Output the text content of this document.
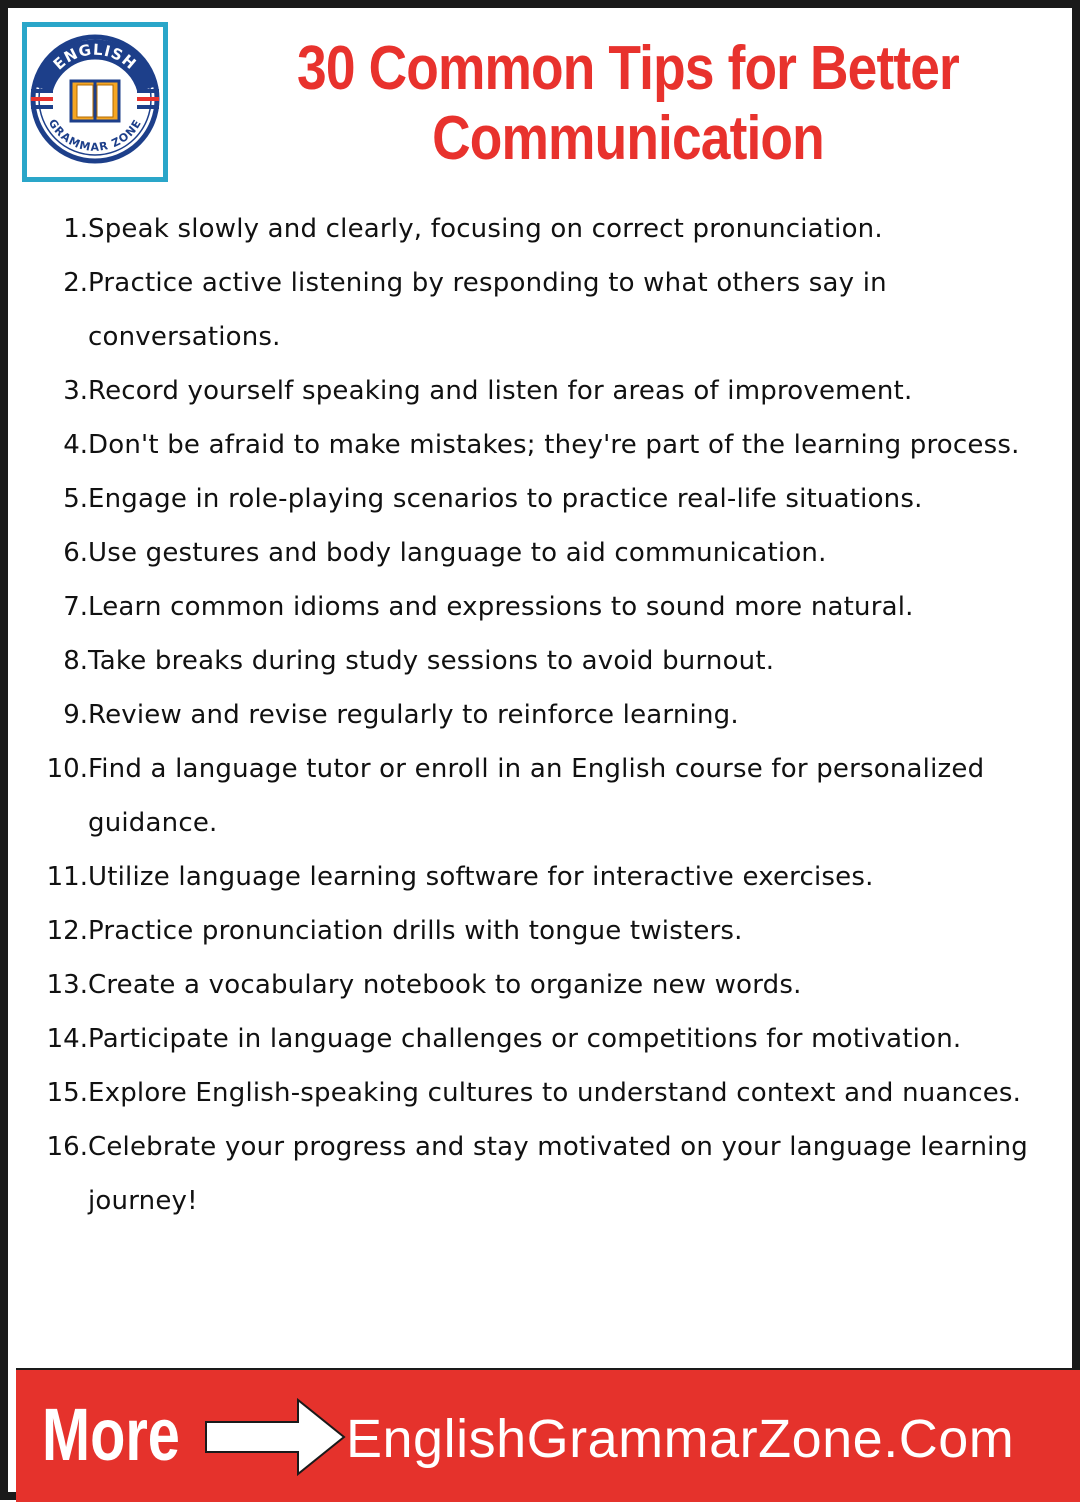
ENGLISH
GRAMMAR ZONE
30 Common Tips for Better
Communication
1. Speak slowly and clearly, focusing on correct pronunciation.
2. Practice active listening by responding to what others say in conversations.
3. Record yourself speaking and listen for areas of improvement.
4. Don't be afraid to make mistakes; they're part of the learning process.
5. Engage in role-playing scenarios to practice real-life situations.
6. Use gestures and body language to aid communication.
7. Learn common idioms and expressions to sound more natural.
8. Take breaks during study sessions to avoid burnout.
9. Review and revise regularly to reinforce learning.
10. Find a language tutor or enroll in an English course for personalized guidance.
11. Utilize language learning software for interactive exercises.
12. Practice pronunciation drills with tongue twisters.
13. Create a vocabulary notebook to organize new words.
14. Participate in language challenges or competitions for motivation.
15. Explore English-speaking cultures to understand context and nuances.
16. Celebrate your progress and stay motivated on your language learning journey!
More	EnglishGrammarZone.Com
